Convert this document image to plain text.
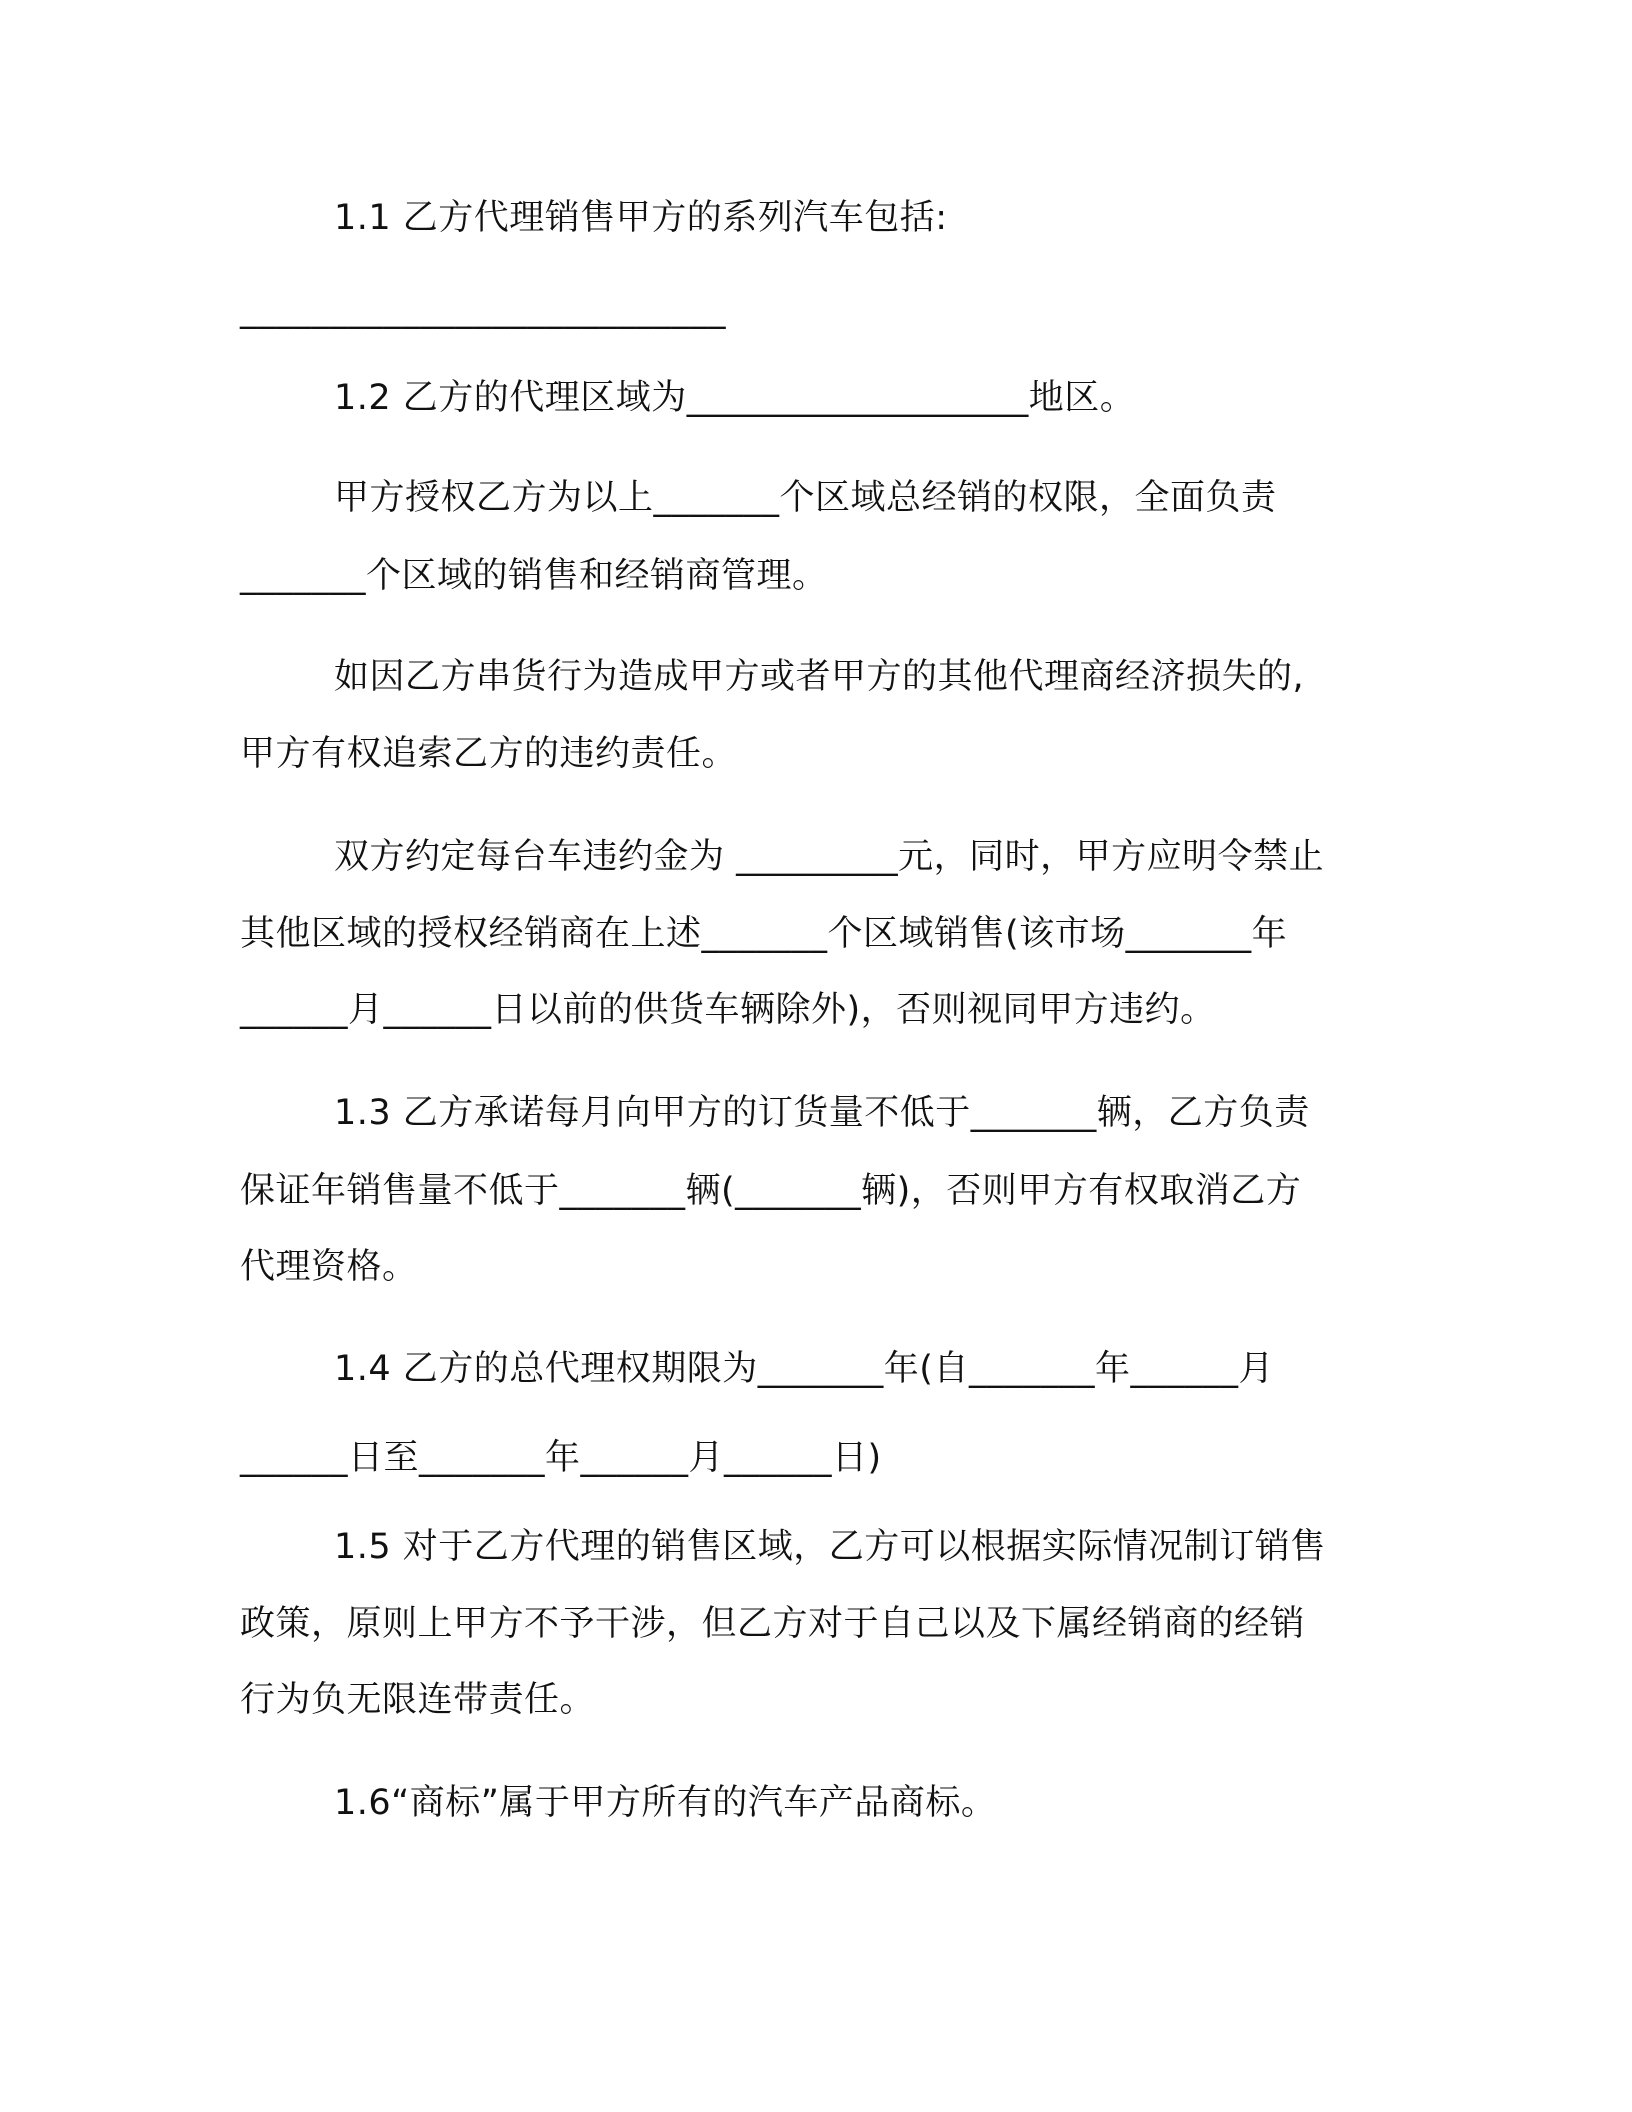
1.1 乙方代理销售甲方的系列汽车包括:
___________________________
1.2 乙方的代理区域为___________________地区。
甲方授权乙方为以上_______个区域总经销的权限，全面负责
_______个区域的销售和经销商管理。
如因乙方串货行为造成甲方或者甲方的其他代理商经济损失的,
甲方有权追索乙方的违约责任。
双方约定每台车违约金为 _________元，同时，甲方应明令禁止
其他区域的授权经销商在上述_______个区域销售(该市场_______年
______月______日以前的供货车辆除外)，否则视同甲方违约。
1.3 乙方承诺每月向甲方的订货量不低于_______辆，乙方负责
保证年销售量不低于_______辆(_______辆)，否则甲方有权取消乙方
代理资格。
1.4 乙方的总代理权期限为_______年(自_______年______月
______日至_______年______月______日)
1.5 对于乙方代理的销售区域，乙方可以根据实际情况制订销售
政策，原则上甲方不予干涉，但乙方对于自己以及下属经销商的经销
行为负无限连带责任。
1.6“商标”属于甲方所有的汽车产品商标。
